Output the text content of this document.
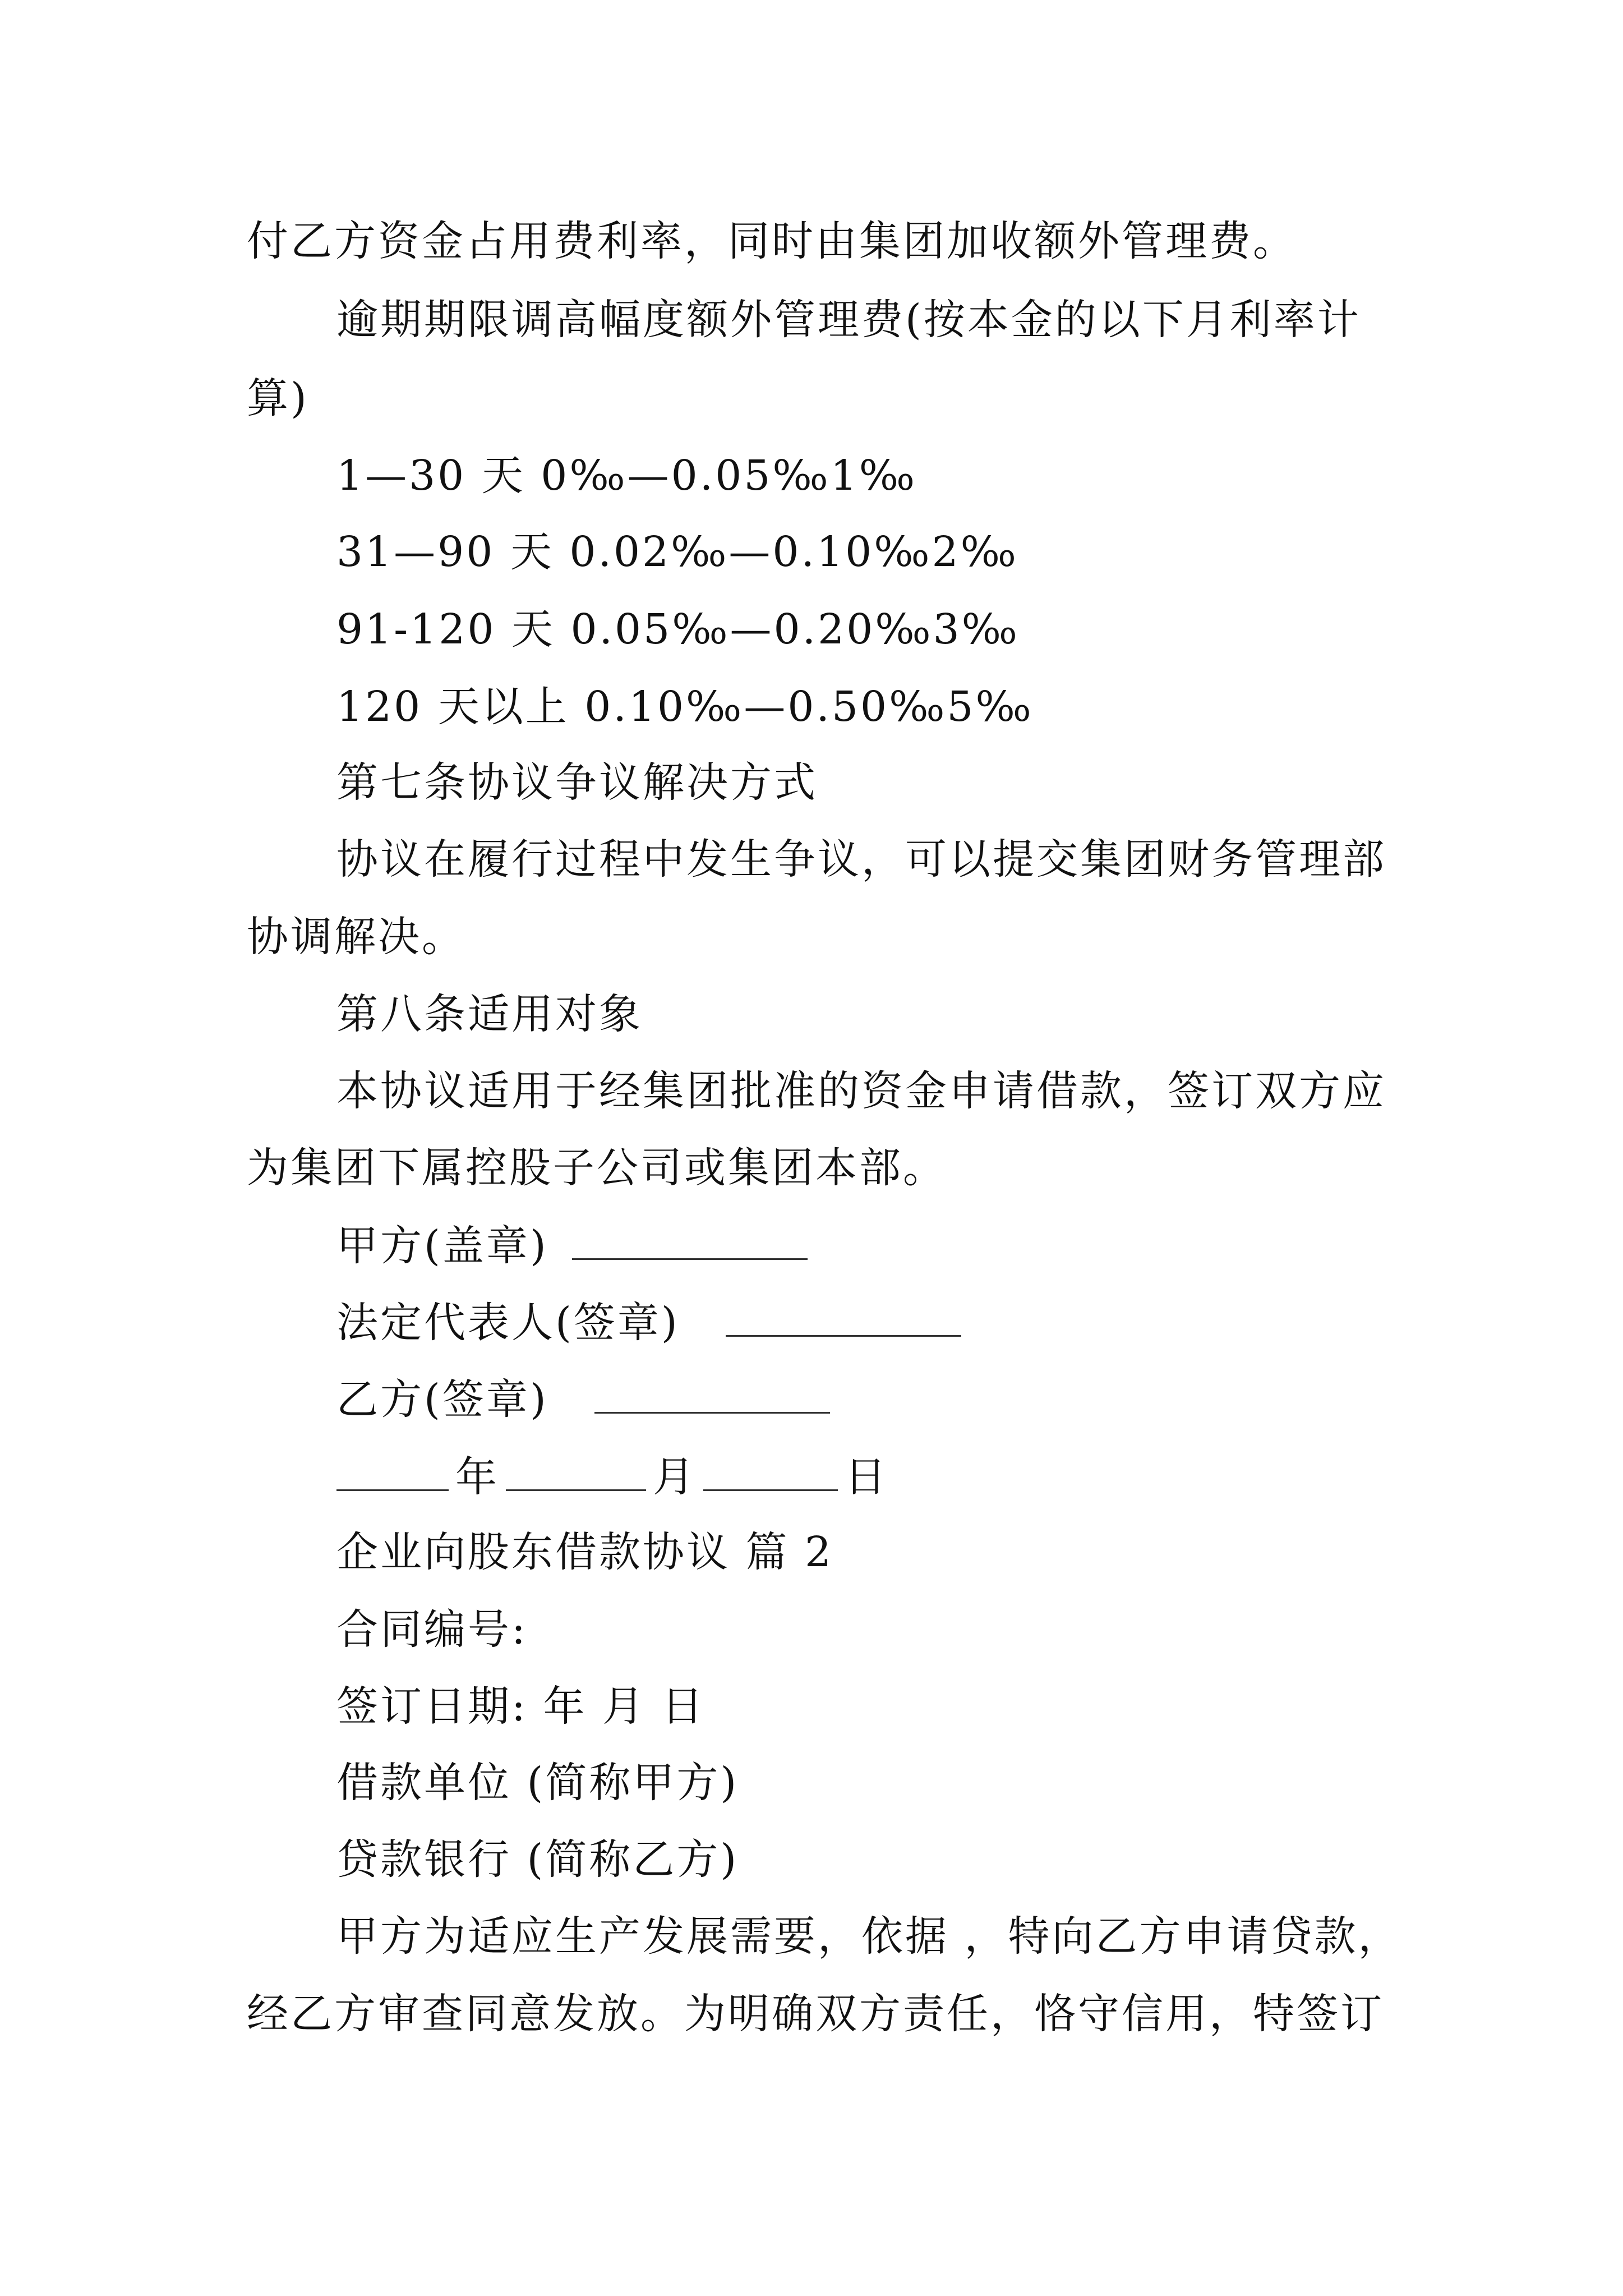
付乙方资金占用费利率，同时由集团加收额外管理费。
逾期期限调高幅度额外管理费(按本金的以下月利率计
算)
1—30 天 0‰—0.05‰1‰
31—90 天 0.02‰—0.10‰2‰
91-120 天 0.05‰—0.20‰3‰
120 天以上 0.10‰—0.50‰5‰
第七条协议争议解决方式
协议在履行过程中发生争议，可以提交集团财务管理部
协调解决。
第八条适用对象
本协议适用于经集团批准的资金申请借款，签订双方应
为集团下属控股子公司或集团本部。
甲方(盖章)
法定代表人(签章)
乙方(签章)
年	月	日
企业向股东借款协议 篇 2
合同编号:
签订日期: 年 月 日
借款单位 (简称甲方)
贷款银行 (简称乙方)
甲方为适应生产发展需要，依据 ，特向乙方申请贷款，
经乙方审查同意发放。为明确双方责任，恪守信用，特签订
